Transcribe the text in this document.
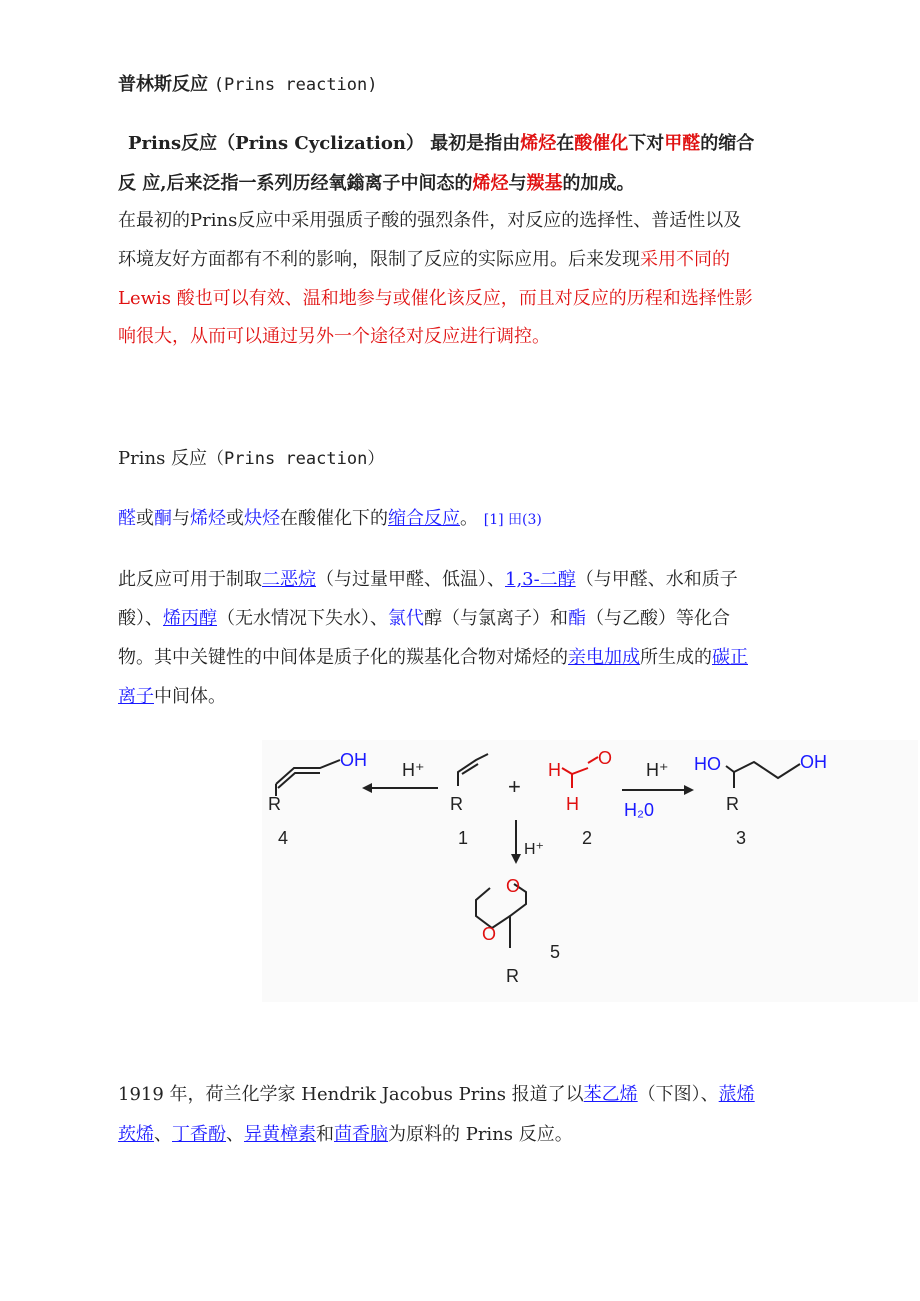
普林斯反应 (Prins reaction)
Prins反应（Prins Cyclization） 最初是指由烯烃在酸催化下对甲醛的缩合
反 应,后来泛指一系列历经氧鎓离子中间态的烯烃与羰基的加成。
在最初的Prins反应中采用强质子酸的强烈条件，对反应的选择性、普适性以及
环境友好方面都有不利的影响，限制了反应的实际应用。后来发现采用不同的
Lewis 酸也可以有效、温和地参与或催化该反应，而且对反应的历程和选择性影
响很大，从而可以通过另外一个途径对反应进行调控。
Prins 反应（Prins reaction）
醛或酮与烯烃或炔烃在酸催化下的缩合反应。 [1] 田(3)
此反应可用于制取二恶烷（与过量甲醛、低温）、1,3-二醇（与甲醛、水和质子
酸）、烯丙醇（无水情况下失水）、氯代醇（与氯离子）和酯（与乙酸）等化合
物。其中关键性的中间体是质子化的羰基化合物对烯烃的亲电加成所生成的碳正
离子中间体。
OH
R
H⁺
R
+
H
O
H
H⁺
H₂0
HO	OH
R
H⁺
O
O
R
4	1	2	3
5
1919 年，荷兰化学家 Hendrik Jacobus Prins 报道了以苯乙烯（下图）、蒎烯
莰烯、丁香酚、异黄樟素和茴香脑为原料的 Prins 反应。
